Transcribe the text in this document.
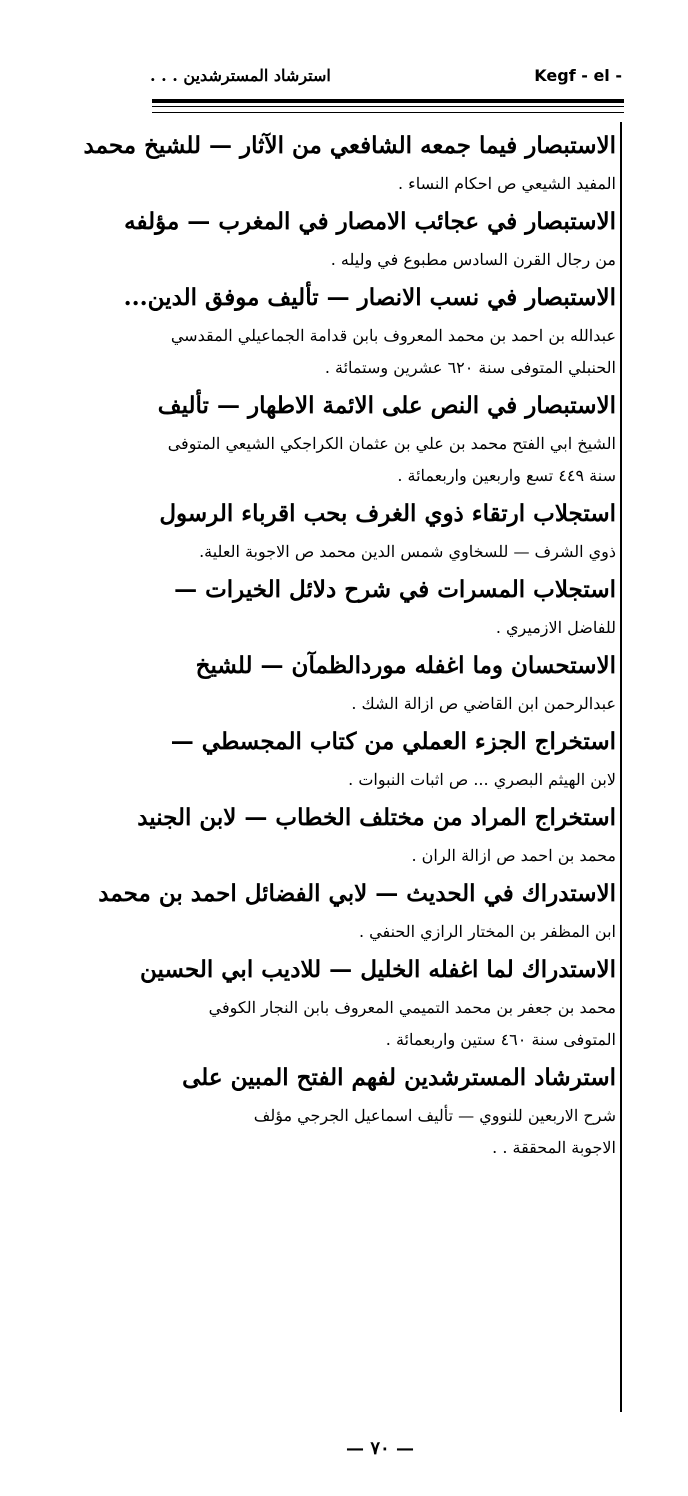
Kegf - el -
استرشاد المسترشدين . . .
الاستبصار فيما جمعه الشافعي من الآثار — للشيخ محمد
المفيد الشيعي ص احكام النساء .
الاستبصار في عجائب الامصار في المغرب — مؤلفه
من رجال القرن السادس مطبوع في وليله .
الاستبصار في نسب الانصار — تأليف موفق الدين...
عبدالله بن احمد بن محمد المعروف بابن قدامة الجماعيلي المقدسي
الحنبلي المتوفى سنة ٦٢٠ عشرين وستمائة .
الاستبصار في النص على الائمة الاطهار — تأليف
الشيخ ابي الفتح محمد بن علي بن عثمان الكراجكي الشيعي المتوفى
سنة ٤٤٩ تسع واربعين واربعمائة .
استجلاب ارتقاء ذوي الغرف بحب اقرباء الرسول
ذوي الشرف — للسخاوي شمس الدين محمد ص الاجوبة العلية.
استجلاب المسرات في شرح دلائل الخيرات —
للفاضل الازميري .
الاستحسان وما اغفله موردالظمآن — للشيخ
عبدالرحمن ابن القاضي ص ازالة الشك .
استخراج الجزء العملي من كتاب المجسطي —
لابن الهيثم البصري ... ص اثبات النبوات .
استخراج المراد من مختلف الخطاب — لابن الجنيد
محمد بن احمد ص ازالة الران .
الاستدراك في الحديث — لابي الفضائل احمد بن محمد
ابن المظفر بن المختار الرازي الحنفي .
الاستدراك لما اغفله الخليل — للاديب ابي الحسين
محمد بن جعفر بن محمد التميمي المعروف بابن النجار الكوفي
المتوفى سنة ٤٦٠ ستين واربعمائة .
استرشاد المسترشدين لفهم الفتح المبين على
شرح الاربعين للنووي — تأليف اسماعيل الجرجي مؤلف
الاجوبة المحققة . .
— ٧٠ —
